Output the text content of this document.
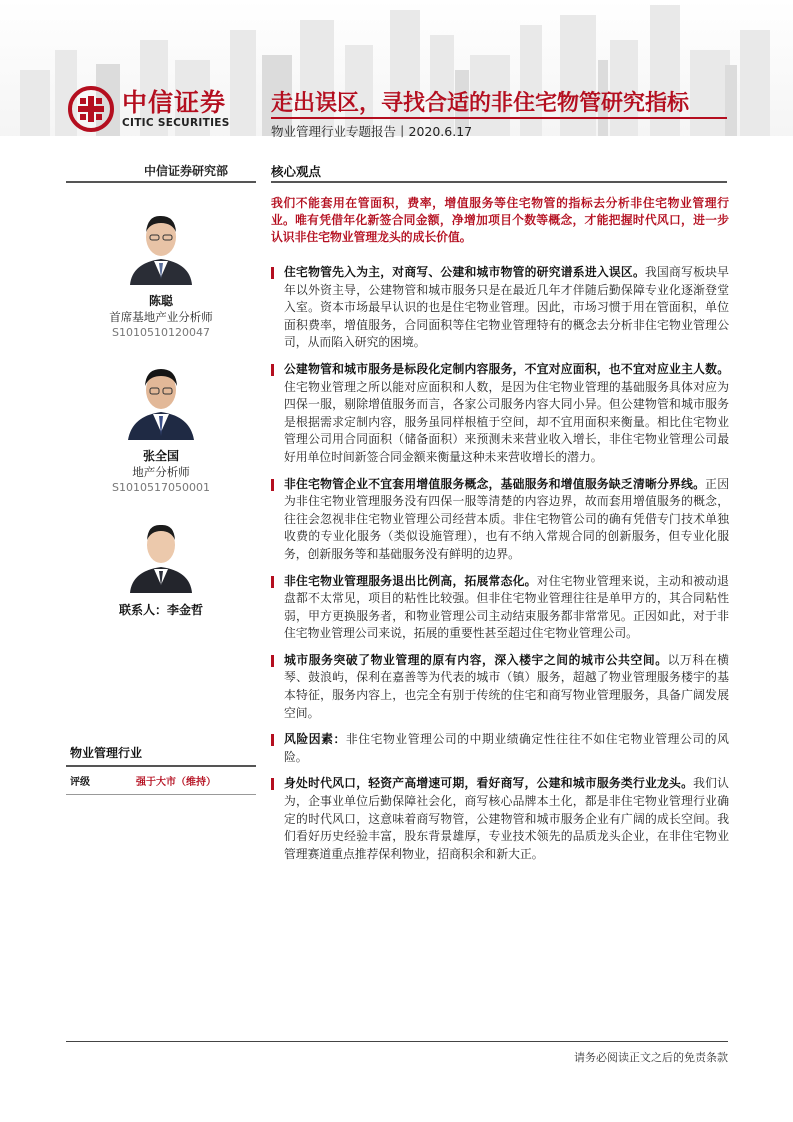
中信证券
CITIC SECURITIES
走出误区，寻找合适的非住宅物管研究指标
物业管理行业专题报告丨2020.6.17
中信证券研究部
陈聪
首席基地产业分析师
S1010510120047
张全国
地产分析师
S1010517050001
联系人：李金哲
物业管理行业
评级	强于大市（维持）
核心观点
我们不能套用在管面积，费率，增值服务等住宅物管的指标去分析非住宅物业管理行业。唯有凭借年化新签合同金额，净增加项目个数等概念，才能把握时代风口，进一步认识非住宅物业管理龙头的成长价值。
住宅物管先入为主，对商写、公建和城市物管的研究谱系进入误区。我国商写板块早年以外资主导，公建物管和城市服务只是在最近几年才伴随后勤保障专业化逐渐登堂入室。资本市场最早认识的也是住宅物业管理。因此，市场习惯于用在管面积，单位面积费率，增值服务，合同面积等住宅物业管理特有的概念去分析非住宅物业管理公司，从而陷入研究的困境。
公建物管和城市服务是标段化定制内容服务，不宜对应面积，也不宜对应业主人数。住宅物业管理之所以能对应面积和人数，是因为住宅物业管理的基础服务具体对应为四保一服，剔除增值服务而言，各家公司服务内容大同小异。但公建物管和城市服务是根据需求定制内容，服务虽同样根植于空间，却不宜用面积来衡量。相比住宅物业管理公司用合同面积（储备面积）来预测未来营业收入增长，非住宅物业管理公司最好用单位时间新签合同金额来衡量这种未来营收增长的潜力。
非住宅物管企业不宜套用增值服务概念，基础服务和增值服务缺乏清晰分界线。正因为非住宅物业管理服务没有四保一服等清楚的内容边界，故而套用增值服务的概念，往往会忽视非住宅物业管理公司经营本质。非住宅物管公司的确有凭借专门技术单独收费的专业化服务（类似设施管理），也有不纳入常规合同的创新服务，但专业化服务，创新服务等和基础服务没有鲜明的边界。
非住宅物业管理服务退出比例高，拓展常态化。对住宅物业管理来说，主动和被动退盘都不太常见，项目的粘性比较强。但非住宅物业管理往往是单甲方的，其合同粘性弱，甲方更换服务者，和物业管理公司主动结束服务都非常常见。正因如此，对于非住宅物业管理公司来说，拓展的重要性甚至超过住宅物业管理公司。
城市服务突破了物业管理的原有内容，深入楼宇之间的城市公共空间。以万科在横琴、鼓浪屿，保利在嘉善等为代表的城市（镇）服务，超越了物业管理服务楼宇的基本特征，服务内容上，也完全有别于传统的住宅和商写物业管理服务，具备广阔发展空间。
风险因素：非住宅物业管理公司的中期业绩确定性往往不如住宅物业管理公司的风险。
身处时代风口，轻资产高增速可期，看好商写，公建和城市服务类行业龙头。我们认为，企事业单位后勤保障社会化，商写核心品牌本土化，都是非住宅物业管理行业确定的时代风口，这意味着商写物管，公建物管和城市服务企业有广阔的成长空间。我们看好历史经验丰富，股东背景雄厚，专业技术领先的品质龙头企业，在非住宅物业管理赛道重点推荐保利物业，招商积余和新大正。
请务必阅读正文之后的免责条款
